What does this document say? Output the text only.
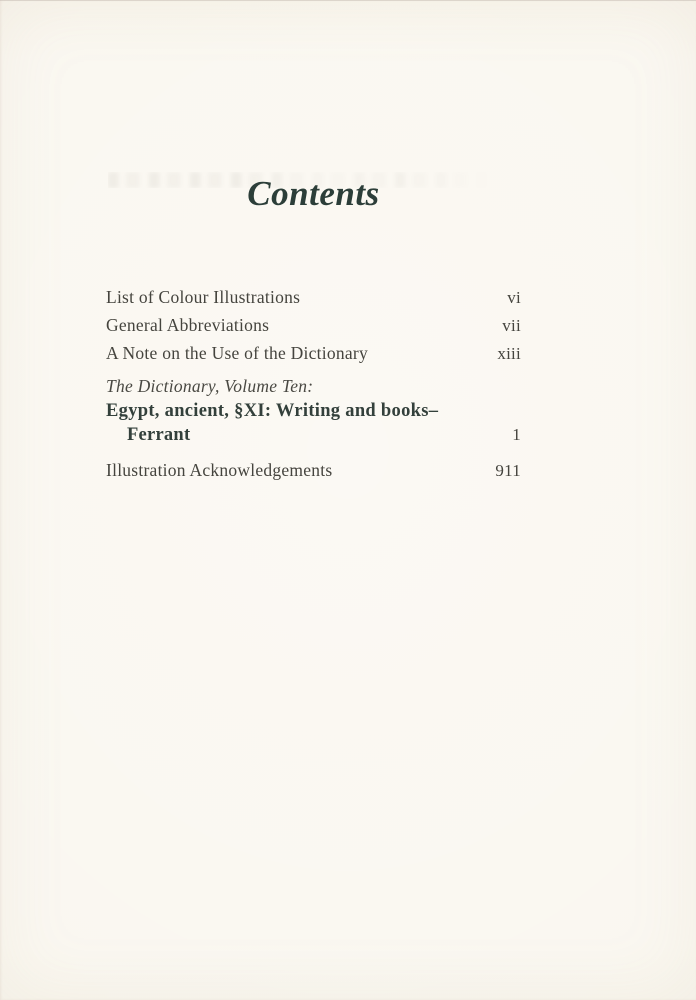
Contents
List of Colour Illustrations	vi
General Abbreviations	vii
A Note on the Use of the Dictionary	xiii
The Dictionary, Volume Ten:
Egypt, ancient, §XI: Writing and books–
Ferrant	1
Illustration Acknowledgements	911
